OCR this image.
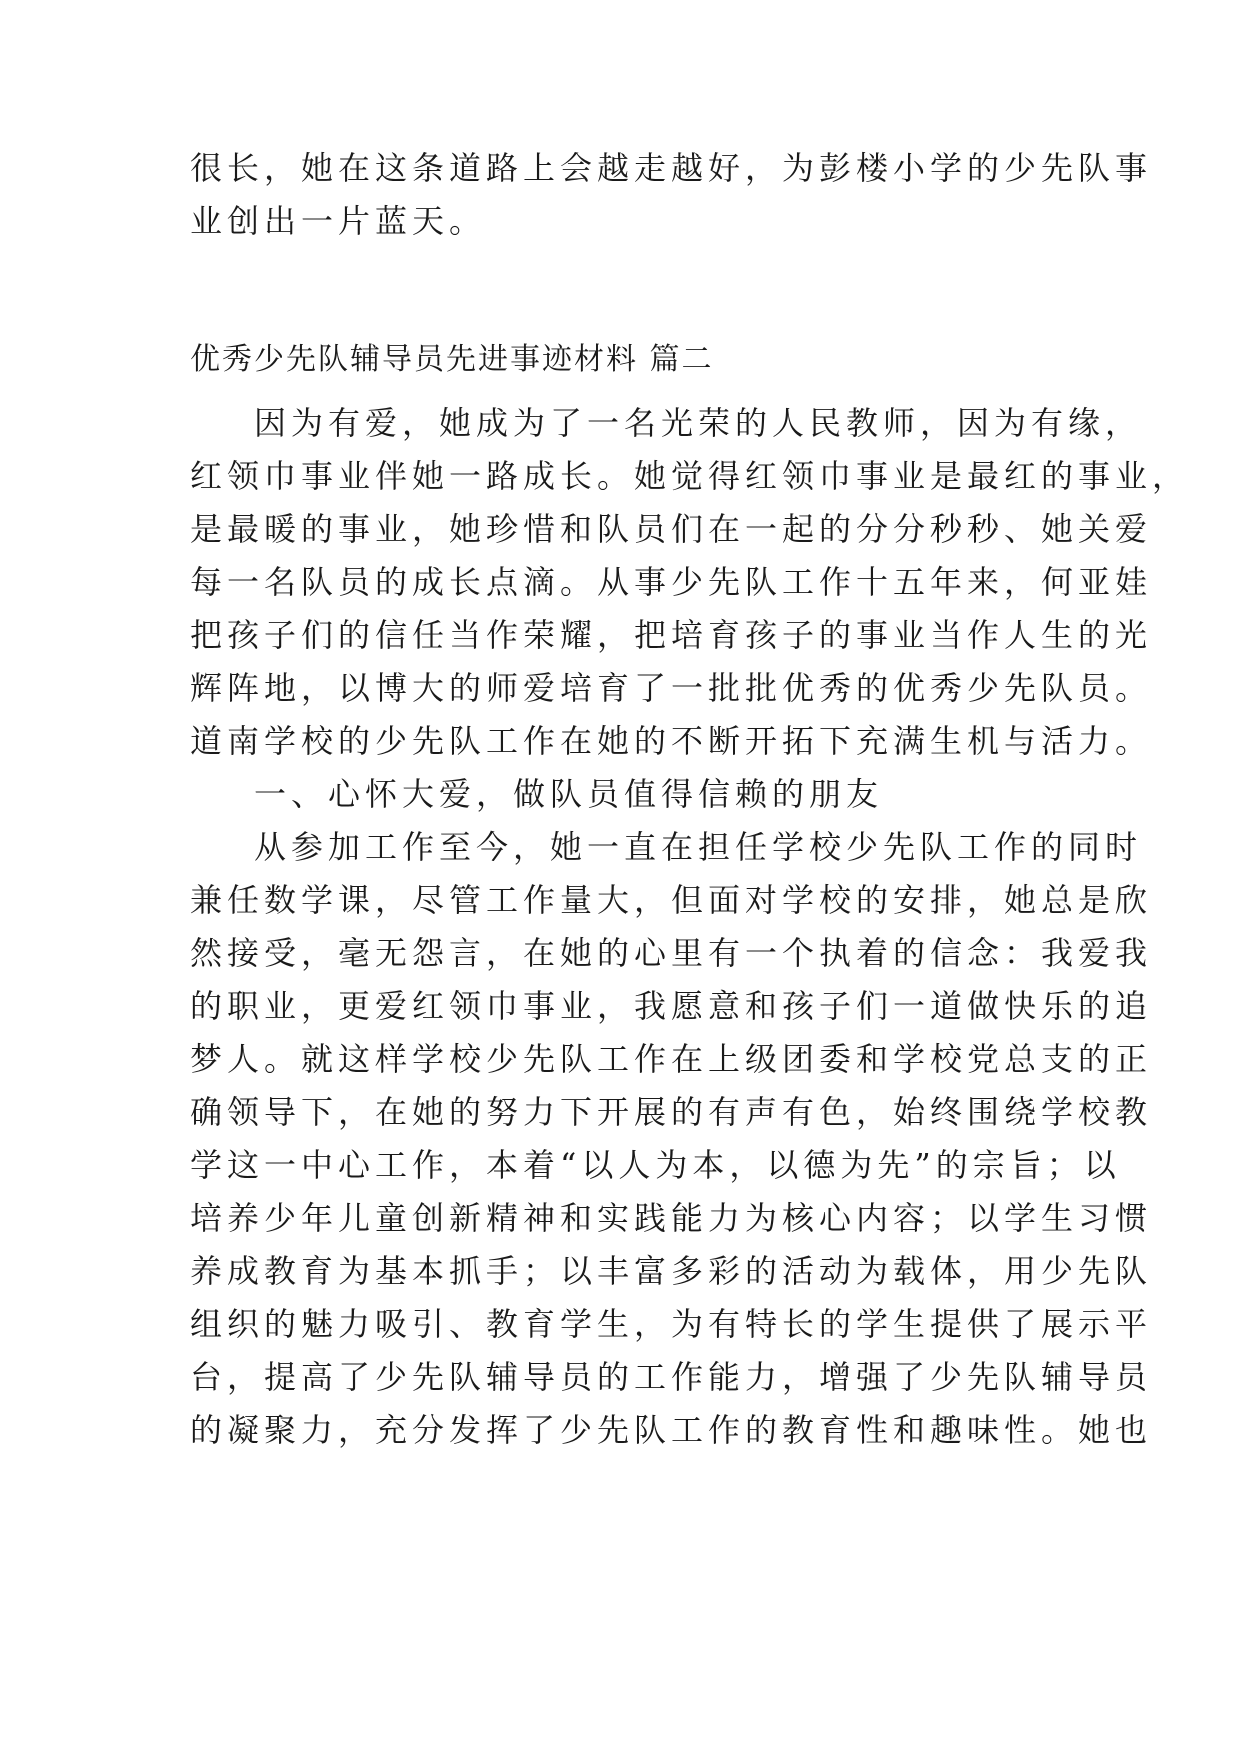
很长，她在这条道路上会越走越好，为彭楼小学的少先队事
业创出一片蓝天。
优秀少先队辅导员先进事迹材料 篇二
因为有爱，她成为了一名光荣的人民教师，因为有缘，
红领巾事业伴她一路成长。她觉得红领巾事业是最红的事业，
是最暖的事业，她珍惜和队员们在一起的分分秒秒、她关爱
每一名队员的成长点滴。从事少先队工作十五年来，何亚娃
把孩子们的信任当作荣耀，把培育孩子的事业当作人生的光
辉阵地，以博大的师爱培育了一批批优秀的优秀少先队员。
道南学校的少先队工作在她的不断开拓下充满生机与活力。
一、心怀大爱，做队员值得信赖的朋友
从参加工作至今，她一直在担任学校少先队工作的同时
兼任数学课，尽管工作量大，但面对学校的安排，她总是欣
然接受，毫无怨言，在她的心里有一个执着的信念：我爱我
的职业，更爱红领巾事业，我愿意和孩子们一道做快乐的追
梦人。就这样学校少先队工作在上级团委和学校党总支的正
确领导下，在她的努力下开展的有声有色，始终围绕学校教
学这一中心工作，本着“以人为本，以德为先”的宗旨；以
培养少年儿童创新精神和实践能力为核心内容；以学生习惯
养成教育为基本抓手；以丰富多彩的活动为载体，用少先队
组织的魅力吸引、教育学生，为有特长的学生提供了展示平
台，提高了少先队辅导员的工作能力，增强了少先队辅导员
的凝聚力，充分发挥了少先队工作的教育性和趣味性。她也
